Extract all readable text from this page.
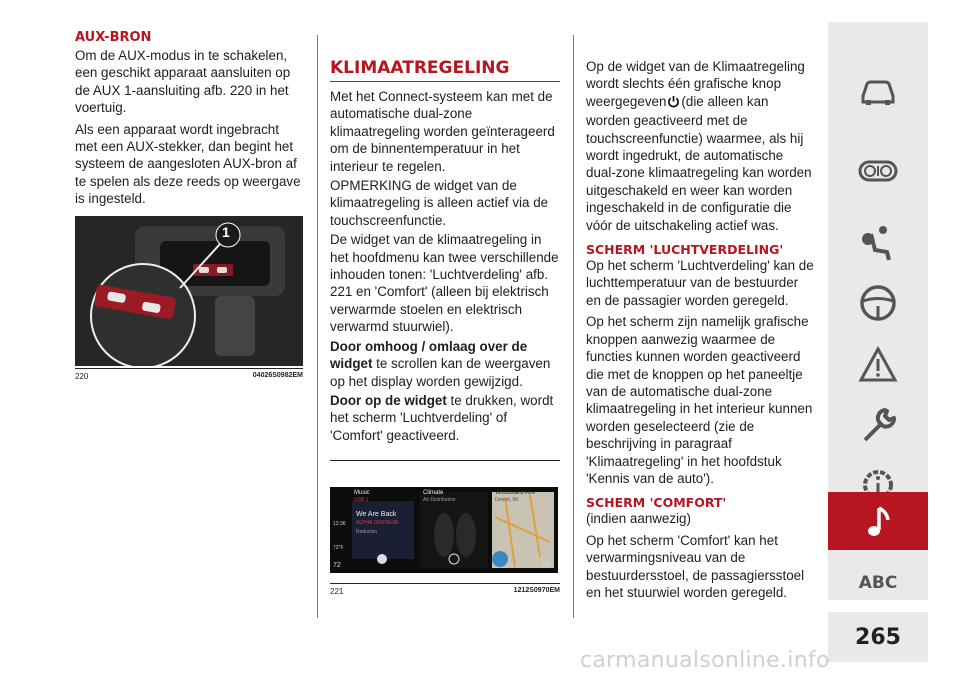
AUX-BRON

Om de AUX-modus in te schakelen, een geschikt apparaat aansluiten op de AUX 1-aansluiting afb. 220 in het voertuig.

Als een apparaat wordt ingebracht met een AUX-stekker, dan begint het systeem de aangesloten AUX-bron af te spelen als deze reeds op weergave is ingesteld.

1
220	04026S0982EM
KLIMAATREGELING

Met het Connect-systeem kan met de automatische dual-zone klimaatregeling worden geïnterageerd om de binnentemperatuur in het interieur te regelen.

OPMERKING de widget van de klimaatregeling is alleen actief via de touchscreenfunctie.

De widget van de klimaatregeling in het hoofdmenu kan twee verschillende inhouden tonen: 'Luchtverdeling' afb. 221 en 'Comfort' (alleen bij elektrisch verwarmde stoelen en elektrisch verwarmd stuurwiel).

Door omhoog / omlaag over de widget te scrollen kan de weergaven op het display worden gewijzigd.

Door op de widget te drukken, wordt het scherm 'Luchtverdeling' of 'Comfort' geactiveerd.

Music
USB 1
We Are Back
ALPHA CENTAURI
Reduxion
12:36
72°F
Climate
Air Distribution
Woodward Ave
Detroit, MI
72	72
221	1212S0970EM

Op de widget van de Klimaatregeling wordt slechts één grafische knop weergegeven (die alleen kan worden geactiveerd met de touchscreenfunctie) waarmee, als hij wordt ingedrukt, de automatische dual-zone klimaatregeling kan worden uitgeschakeld en weer kan worden ingeschakeld in de configuratie die vóór de uitschakeling actief was.

SCHERM 'LUCHTVERDELING'

Op het scherm 'Luchtverdeling' kan de luchttemperatuur van de bestuurder en de passagier worden geregeld.

Op het scherm zijn namelijk grafische knoppen aanwezig waarmee de functies kunnen worden geactiveerd die met de knoppen op het paneeltje van de automatische dual-zone klimaatregeling in het interieur kunnen worden geselecteerd (zie de beschrijving in paragraaf 'Klimaatregeling' in het hoofdstuk 'Kennis van de auto').

SCHERM 'COMFORT'

(indien aanwezig)

Op het scherm 'Comfort' kan het verwarmingsniveau van de bestuurdersstoel, de passagiersstoel en het stuurwiel worden geregeld.	ABC
265
carmanualsonline.info
